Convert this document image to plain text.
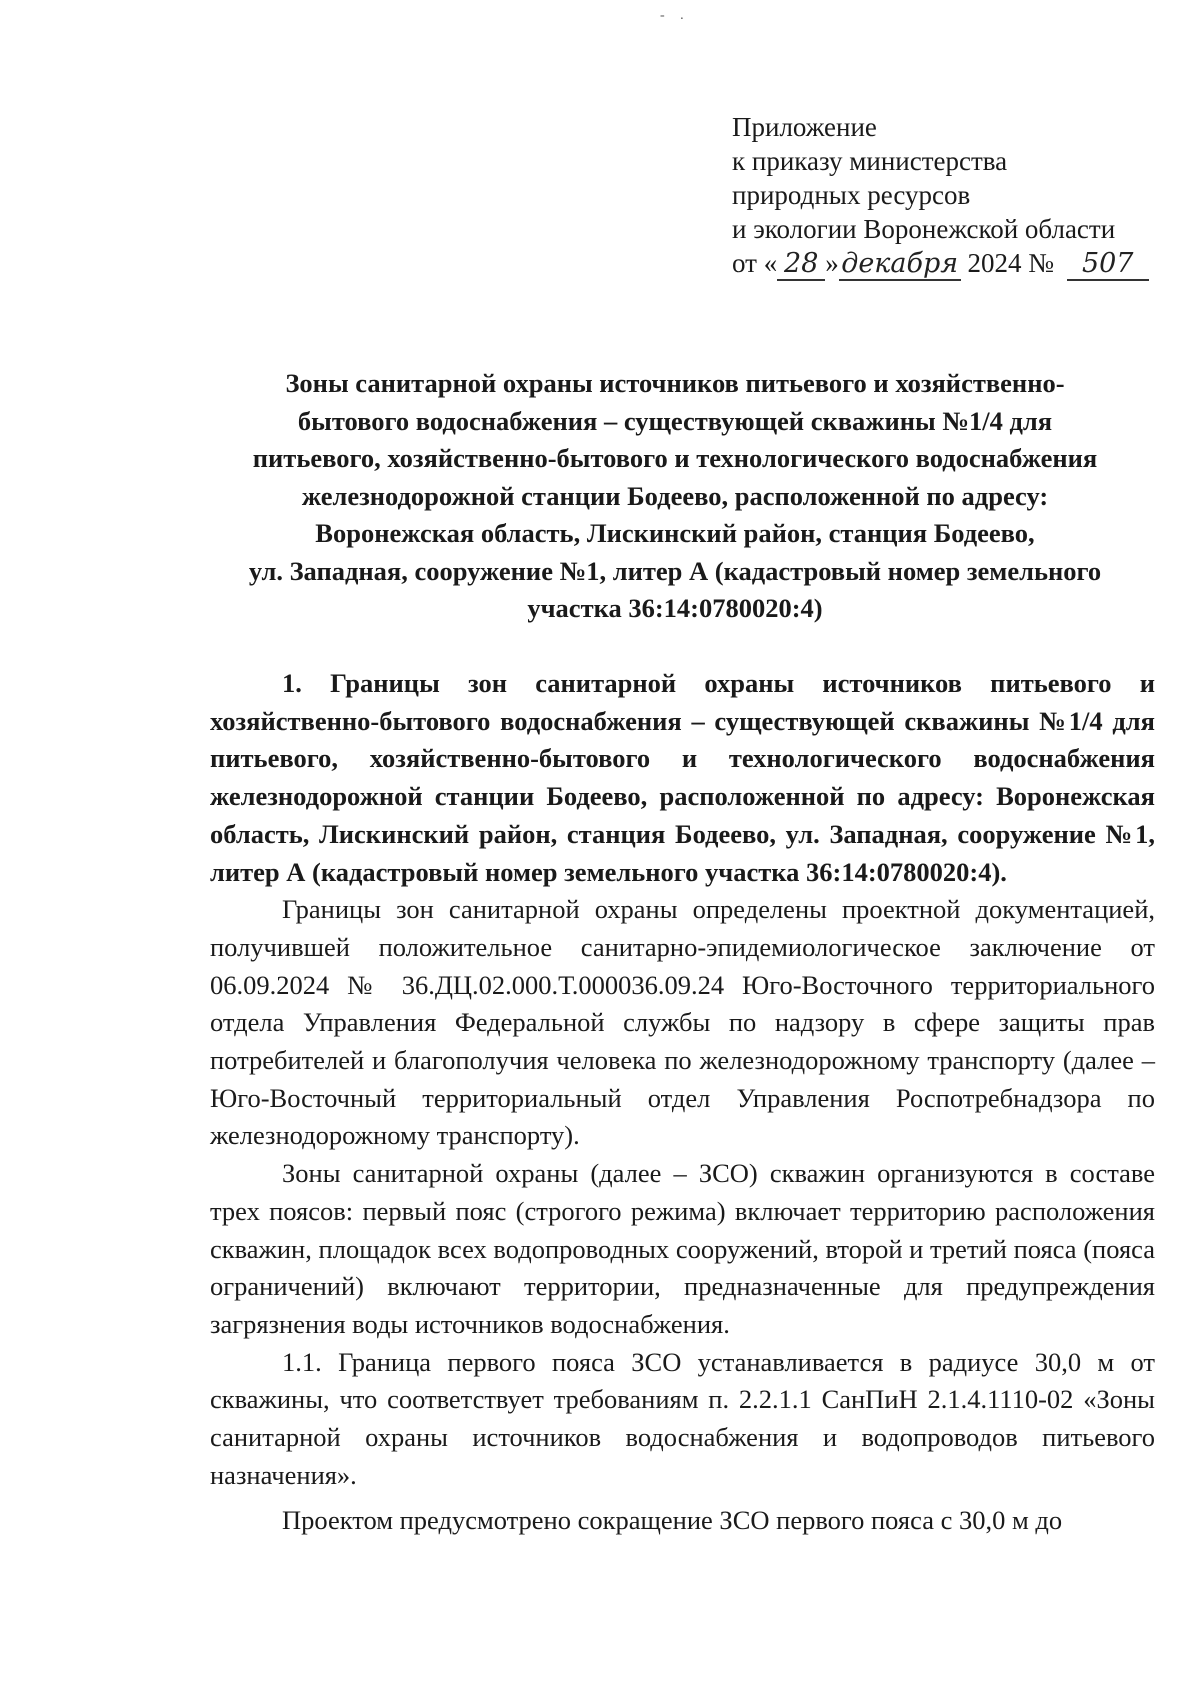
- .
Приложение
к приказу министерства
природных ресурсов
и экологии Воронежской области
от « 28 »декабря 2024 № 507
Зоны санитарной охраны источников питьевого и хозяйственно-
бытового водоснабжения – существующей скважины №1/4 для
питьевого, хозяйственно-бытового и технологического водоснабжения
железнодорожной станции Бодеево, расположенной по адресу:
Воронежская область, Лискинский район, станция Бодеево,
ул. Западная, сооружение №1, литер А (кадастровый номер земельного
участка 36:14:0780020:4)

1. Границы зон санитарной охраны источников питьевого и хозяйственно-бытового водоснабжения – существующей скважины №1/4 для питьевого, хозяйственно-бытового и технологического водоснабжения железнодорожной станции Бодеево, расположенной по адресу: Воронежская область, Лискинский район, станция Бодеево, ул. Западная, сооружение №1, литер А (кадастровый номер земельного участка 36:14:0780020:4).

Границы зон санитарной охраны определены проектной документацией, получившей положительное санитарно-эпидемиологическое заключение от 06.09.2024 № 36.ДЦ.02.000.Т.000036.09.24 Юго-Восточного территориального отдела Управления Федеральной службы по надзору в сфере защиты прав потребителей и благополучия человека по железнодорожному транспорту (далее – Юго-Восточный территориальный отдел Управления Роспотребнадзора по железнодорожному транспорту).

Зоны санитарной охраны (далее – ЗСО) скважин организуются в составе трех поясов: первый пояс (строгого режима) включает территорию расположения скважин, площадок всех водопроводных сооружений, второй и третий пояса (пояса ограничений) включают территории, предназначенные для предупреждения загрязнения воды источников водоснабжения.

1.1. Граница первого пояса ЗСО устанавливается в радиусе 30,0 м от скважины, что соответствует требованиям п. 2.2.1.1 СанПиН 2.1.4.1110-02 «Зоны санитарной охраны источников водоснабжения и водопроводов питьевого назначения».

Проектом предусмотрено сокращение ЗСО первого пояса с 30,0 м до
